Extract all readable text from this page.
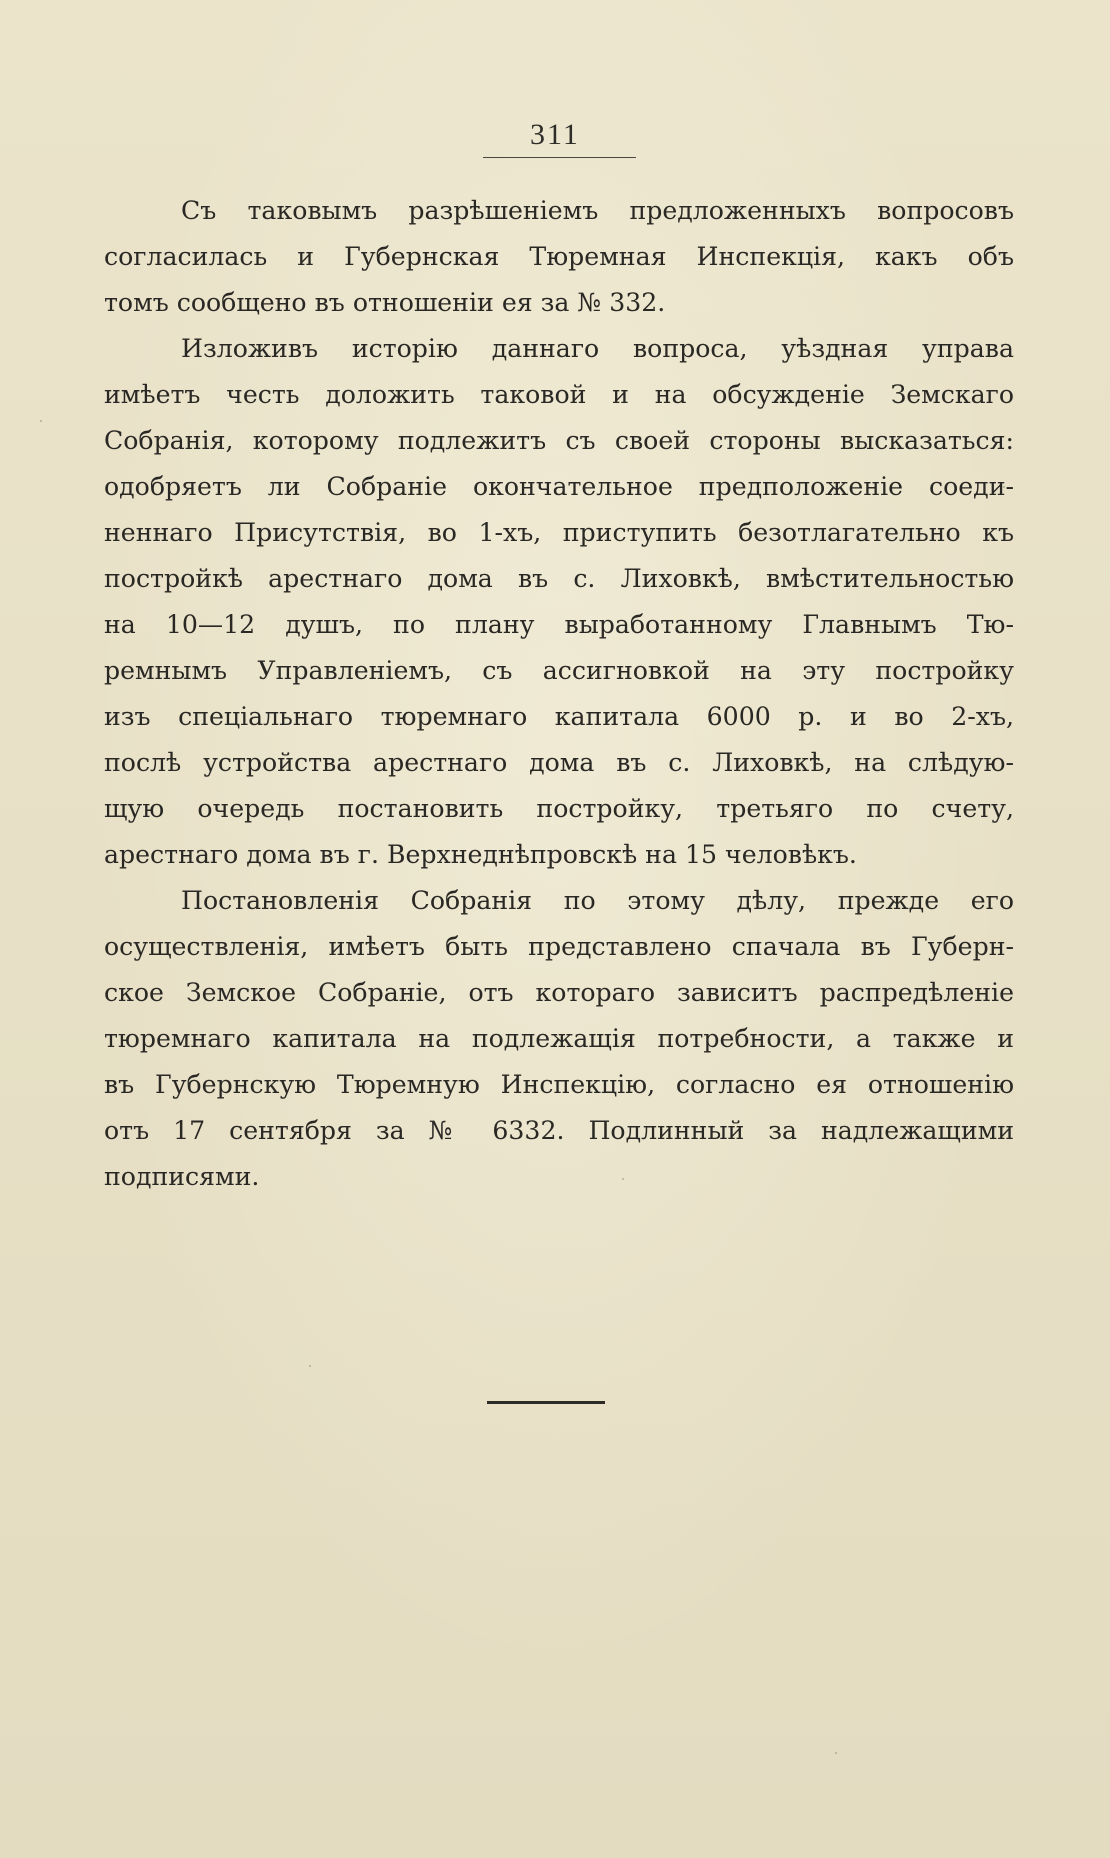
311
Съ таковымъ разрѣшеніемъ предложенныхъ вопросовъ
согласилась и Губернская Тюремная Инспекція, какъ объ
томъ сообщено въ отношеніи ея за № 332.
Изложивъ исторію даннаго вопроса, уѣздная управа
имѣетъ честь доложить таковой и на обсужденіе Земскаго
Собранія, которому подлежитъ съ своей стороны высказаться:
одобряетъ ли Собраніе окончательное предположеніе соеди-
неннаго Присутствія, во 1-хъ, приступить безотлагательно къ
постройкѣ арестнаго дома въ с. Лиховкѣ, вмѣстительностью
на 10—12 душъ, по плану выработанному Главнымъ Тю-
ремнымъ Управленіемъ, съ ассигновкой на эту постройку
изъ спеціальнаго тюремнаго капитала 6000 р. и во 2-хъ,
послѣ устройства арестнаго дома въ с. Лиховкѣ, на слѣдую-
щую очередь постановить постройку, третьяго по счету,
арестнаго дома въ г. Верхнеднѣпровскѣ на 15 человѣкъ.
Постановленія Собранія по этому дѣлу, прежде его
осуществленія, имѣетъ быть представлено спачала въ Губерн-
ское Земское Собраніе, отъ котораго зависитъ распредѣленіе
тюремнаго капитала на подлежащія потребности, а также и
въ Губернскую Тюремную Инспекцію, согласно ея отношенію
отъ 17 сентября за № 6332. Подлинный за надлежащими
подписями.
